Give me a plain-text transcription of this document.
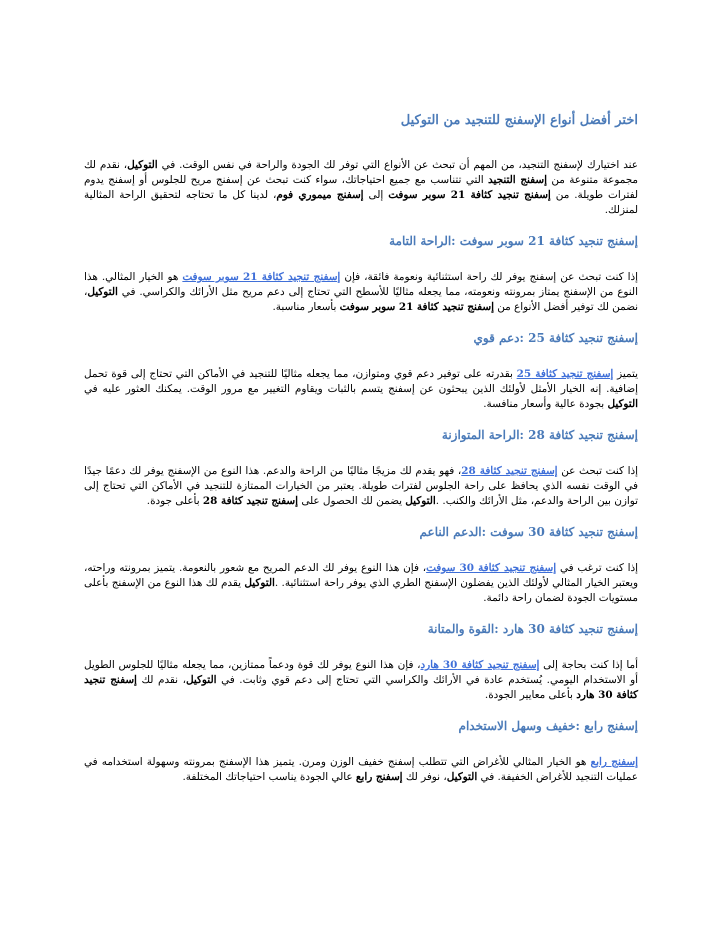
اختر أفضل أنواع الإسفنج للتنجيد من التوكيل

عند اختيارك لإسفنج التنجيد، من المهم أن تبحث عن الأنواع التي توفر لك الجودة والراحة في نفس الوقت. في التوكيل، نقدم لك مجموعة متنوعة من إسفنج التنجيد التي تتناسب مع جميع احتياجاتك، سواء كنت تبحث عن إسفنج مريح للجلوس أو إسفنج يدوم لفترات طويلة. من إسفنج تنجيد كثافة 21 سوبر سوفت إلى إسفنج ميموري فوم، لدينا كل ما تحتاجه لتحقيق الراحة المثالية لمنزلك.

إسفنج تنجيد كثافة 21 سوبر سوفت :الراحة التامة

إذا كنت تبحث عن إسفنج يوفر لك راحة استثنائية ونعومة فائقة، فإن إسفنج تنجيد كثافة 21 سوبر سوفت هو الخيار المثالي. هذا النوع من الإسفنج يمتاز بمرونته ونعومته، مما يجعله مثاليًا للأسطح التي تحتاج إلى دعم مريح مثل الأرائك والكراسي. في التوكيل، نضمن لك توفير أفضل الأنواع من إسفنج تنجيد كثافة 21 سوبر سوفت بأسعار مناسبة.

إسفنج تنجيد كثافة 25 :دعم قوي

يتميز إسفنج تنجيد كثافة 25 بقدرته على توفير دعم قوي ومتوازن، مما يجعله مثاليًا للتنجيد في الأماكن التي تحتاج إلى قوة تحمل إضافية. إنه الخيار الأمثل لأولئك الذين يبحثون عن إسفنج يتسم بالثبات ويقاوم التغيير مع مرور الوقت. يمكنك العثور عليه في التوكيل بجودة عالية وأسعار منافسة.

إسفنج تنجيد كثافة 28 :الراحة المتوازنة

إذا كنت تبحث عن إسفنج تنجيد كثافة 28، فهو يقدم لك مزيجًا مثاليًا من الراحة والدعم. هذا النوع من الإسفنج يوفر لك دعمًا جيدًا في الوقت نفسه الذي يحافظ على راحة الجلوس لفترات طويلة. يعتبر من الخيارات الممتازة للتنجيد في الأماكن التي تحتاج إلى توازن بين الراحة والدعم، مثل الأرائك والكنب. .التوكيل يضمن لك الحصول على إسفنج تنجيد كثافة 28 بأعلى جودة.

إسفنج تنجيد كثافة 30 سوفت :الدعم الناعم

إذا كنت ترغب في إسفنج تنجيد كثافة 30 سوفت، فإن هذا النوع يوفر لك الدعم المريح مع شعور بالنعومة. يتميز بمرونته وراحته، ويعتبر الخيار المثالي لأولئك الذين يفضلون الإسفنج الطري الذي يوفر راحة استثنائية. .التوكيل يقدم لك هذا النوع من الإسفنج بأعلى مستويات الجودة لضمان راحة دائمة.

إسفنج تنجيد كثافة 30 هارد :القوة والمتانة

أما إذا كنت بحاجة إلى إسفنج تنجيد كثافة 30 هارد، فإن هذا النوع يوفر لك قوة ودعماً ممتازين، مما يجعله مثاليًا للجلوس الطويل أو الاستخدام اليومي. يُستخدم عادة في الأرائك والكراسي التي تحتاج إلى دعم قوي وثابت. في التوكيل، نقدم لك إسفنج تنجيد كثافة 30 هارد بأعلى معايير الجودة.

إسفنج رابع :خفيف وسهل الاستخدام

إسفنج رابع هو الخيار المثالي للأغراض التي تتطلب إسفنج خفيف الوزن ومرن. يتميز هذا الإسفنج بمرونته وسهولة استخدامه في عمليات التنجيد للأغراض الخفيفة. في التوكيل، نوفر لك إسفنج رابع عالي الجودة يناسب احتياجاتك المختلفة.
